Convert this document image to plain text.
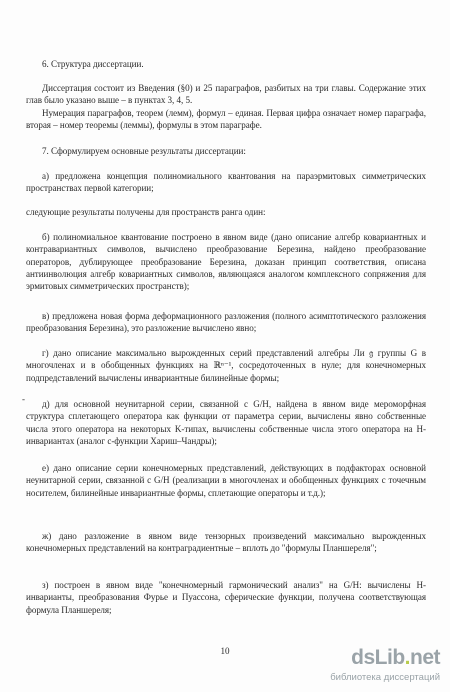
6. Структура диссертации.

Диссертация состоит из Введения (§0) и 25 параграфов, разбитых на три главы. Содержание этих глав было указано выше – в пунктах 3, 4, 5.

Нумерация параграфов, теорем (лемм), формул – единая. Первая цифра означает номер параграфа, вторая – номер теоремы (леммы), формулы в этом параграфе.

7. Сформулируем основные результаты диссертации:

а) предложена концепция полиномиального квантования на параэрмитовых симметрических пространствах первой категории;

следующие результаты получены для пространств ранга один:

б) полиномиальное квантование построено в явном виде (дано описание алгебр ковариантных и контравариантных символов, вычислено преобразование Березина, найдено преобразование операторов, дублирующее преобразование Березина, доказан принцип соответствия, описана антиинволюция алгебр ковариантных символов, являющаяся аналогом комплексного сопряжения для эрмитовых симметрических пространств);

в) предложена новая форма деформационного разложения (полного асимптотического разложения преобразования Березина), это разложение вычислено явно;

г) дано описание максимально вырожденных серий представлений алгебры Ли 𝔤 группы G в многочленах и в обобщенных функциях на ℝⁿ⁻¹, сосредоточенных в нуле; для конечномерных подпредставлений вычислены инвариантные билинейные формы;

д) для основной неунитарной серии, связанной с G/H, найдена в явном виде мероморфная структура сплетающего оператора как функции от параметра серии, вычислены явно собственные числа этого оператора на некоторых K-типах, вычислены собственные числа этого оператора на H-инвариантах (аналог c-функции Хариш–Чандры);

е) дано описание серии конечномерных представлений, действующих в подфакторах основной неунитарной серии, связанной с G/H (реализации в многочленах и обобщенных функциях с точечным носителем, билинейные инвариантные формы, сплетающие операторы и т.д.);

ж) дано разложение в явном виде тензорных произведений максимально вырожденных конечномерных представлений на контраградиентные – вплоть до "формулы Планшереля";

з) построен в явном виде "конечномерный гармонический анализ" на G/H: вычислены H-инварианты, преобразования Фурье и Пуассона, сферические функции, получена соответствующая формула Планшереля;

-
10	dsLib.net
библиотека диссертаций
